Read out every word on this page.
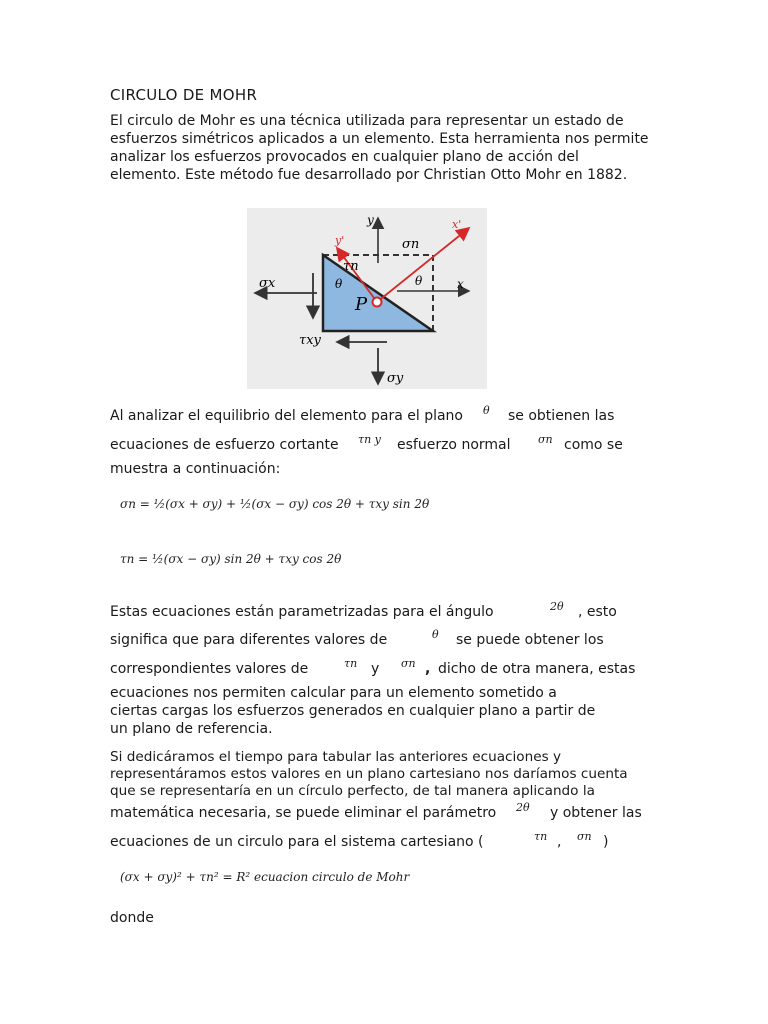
CIRCULO DE MOHR
El circulo de Mohr es una técnica utilizada para representar un estado de
esfuerzos simétricos aplicados a un elemento. Esta herramienta nos permite
analizar los esfuerzos provocados en cualquier plano de acción del
elemento. Este método fue desarrollado por Christian Otto Mohr en 1882.
y
x
x'
y'	σn
τn
θ	θ
P
σx
τxy
σy
Al analizar el equilibrio del elemento para el plano θ se obtienen las
ecuaciones de esfuerzo cortante τn y esfuerzo normal	σn como se
muestra a continuación:
σn = ½(σx + σy) + ½(σx − σy) cos 2θ + τxy sin 2θ
τn = ½(σx − σy) sin 2θ + τxy cos 2θ
Estas ecuaciones están parametrizadas para el ángulo	2θ , esto
significa que para diferentes valores de	θ se puede obtener los
correspondientes valores de	τn y σn , dicho de otra manera, estas
ecuaciones nos permiten calcular para un elemento sometido a
ciertas cargas los esfuerzos generados en cualquier plano a partir de
un plano de referencia.
Si dedicáramos el tiempo para tabular las anteriores ecuaciones y
representáramos estos valores en un plano cartesiano nos daríamos cuenta
que se representaría en un círculo perfecto, de tal manera aplicando la
matemática necesaria, se puede eliminar el parámetro 2θ y obtener las
ecuaciones de un circulo para el sistema cartesiano (	τn , σn )
(σx + σy)² + τn² = R² ecuacion circulo de Mohr
donde
